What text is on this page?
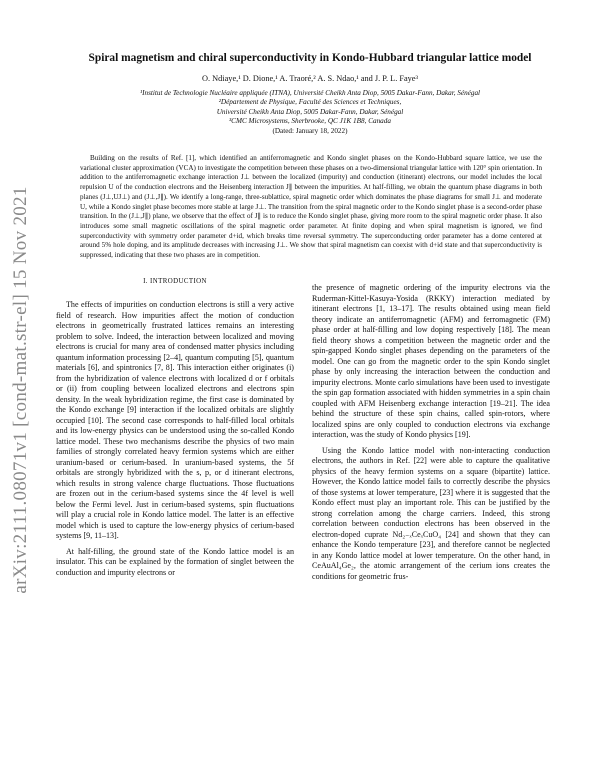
arXiv:2111.08071v1 [cond-mat.str-el] 15 Nov 2021
Spiral magnetism and chiral superconductivity in Kondo-Hubbard triangular lattice model
O. Ndiaye,¹ D. Dione,¹ A. Traoré,² A. S. Ndao,¹ and J. P. L. Faye³
¹Institut de Technologie Nucléaire appliquée (ITNA), Université Cheikh Anta Diop, 5005 Dakar-Fann, Dakar, Sénégal
²Département de Physique, Faculté des Sciences et Techniques,
Université Cheikh Anta Diop, 5005 Dakar-Fann, Dakar, Sénégal
³CMC Microsystems, Sherbrooke, QC J1K 1B8, Canada
(Dated: January 18, 2022)
Building on the results of Ref. [1], which identified an antiferromagnetic and Kondo singlet phases on the Kondo-Hubbard square lattice, we use the variational cluster approximation (VCA) to investigate the competition between these phases on a two-dimensional triangular lattice with 120° spin orientation. In addition to the antiferromagnetic exchange interaction J⊥ between the localized (impurity) and conduction (itinerant) electrons, our model includes the local repulsion U of the conduction electrons and the Heisenberg interaction J∥ between the impurities. At half-filling, we obtain the quantum phase diagrams in both planes (J⊥,UJ⊥) and (J⊥,J∥). We identify a long-range, three-sublattice, spiral magnetic order which dominates the phase diagrams for small J⊥ and moderate U, while a Kondo singlet phase becomes more stable at large J⊥. The transition from the spiral magnetic order to the Kondo singlet phase is a second-order phase transition. In the (J⊥,J∥) plane, we observe that the effect of J∥ is to reduce the Kondo singlet phase, giving more room to the spiral magnetic order phase. It also introduces some small magnetic oscillations of the spiral magnetic order parameter. At finite doping and when spiral magnetism is ignored, we find superconductivity with symmetry order parameter d+id, which breaks time reversal symmetry. The superconducting order parameter has a dome centered at around 5% hole doping, and its amplitude decreases with increasing J⊥. We show that spiral magnetism can coexist with d+id state and that superconductivity is suppressed, indicating that these two phases are in competition.
I. INTRODUCTION

The effects of impurities on conduction electrons is still a very active field of research. How impurities affect the motion of conduction electrons in geometrically frustrated lattices remains an interesting problem to solve. Indeed, the interaction between localized and moving electrons is crucial for many area of condensed matter physics including quantum information processing [2–4], quantum computing [5], quantum materials [6], and spintronics [7, 8]. This interaction either originates (i) from the hybridization of valence electrons with localized d or f orbitals or (ii) from coupling between localized electrons and electrons spin density. In the weak hybridization regime, the first case is dominated by the Kondo exchange [9] interaction if the localized orbitals are slightly occupied [10]. The second case corresponds to half-filled local orbitals and its low-energy physics can be understood using the so-called Kondo lattice model. These two mechanisms describe the physics of two main families of strongly correlated heavy fermion systems which are either uranium-based or cerium-based. In uranium-based systems, the 5f orbitals are strongly hybridized with the s, p, or d itinerant electrons, which results in strong valence charge fluctuations. Those fluctuations are frozen out in the cerium-based systems since the 4f level is well below the Fermi level. Just in cerium-based systems, spin fluctuations will play a crucial role in Kondo lattice model. The latter is an effective model which is used to capture the low-energy physics of cerium-based systems [9, 11–13].

At half-filling, the ground state of the Kondo lattice model is an insulator. This can be explained by the formation of singlet between the conduction and impurity electrons or

the presence of magnetic ordering of the impurity electrons via the Ruderman-Kittel-Kasuya-Yosida (RKKY) interaction mediated by itinerant electrons [1, 13–17]. The results obtained using mean field theory indicate an antiferromagnetic (AFM) and ferromagnetic (FM) phase order at half-filling and low doping respectively [18]. The mean field theory shows a competition between the magnetic order and the spin-gapped Kondo singlet phases depending on the parameters of the model. One can go from the magnetic order to the spin Kondo singlet phase by only increasing the interaction between the conduction and impurity electrons. Monte carlo simulations have been used to investigate the spin gap formation associated with hidden symmetries in a spin chain coupled with AFM Heisenberg exchange interaction [19–21]. The idea behind the structure of these spin chains, called spin-rotors, where localized spins are only coupled to conduction electrons via exchange interaction, was the study of Kondo physics [19].

Using the Kondo lattice model with non-interacting conduction electrons, the authors in Ref. [22] were able to capture the qualitative physics of the heavy fermion systems on a square (bipartite) lattice. However, the Kondo lattice model fails to correctly describe the physics of those systems at lower temperature, [23] where it is suggested that the Kondo effect must play an important role. This can be justified by the strong correlation among the charge carriers. Indeed, this strong correlation between conduction electrons has been observed in the electron-doped cuprate Nd₂₋ₓCeₓCuO₄ [24] and shown that they can enhance the Kondo temperature [23], and therefore cannot be neglected in any Kondo lattice model at lower temperature. On the other hand, in CeAuAl₄Ge₂, the atomic arrangement of the cerium ions creates the conditions for geometric frus-
